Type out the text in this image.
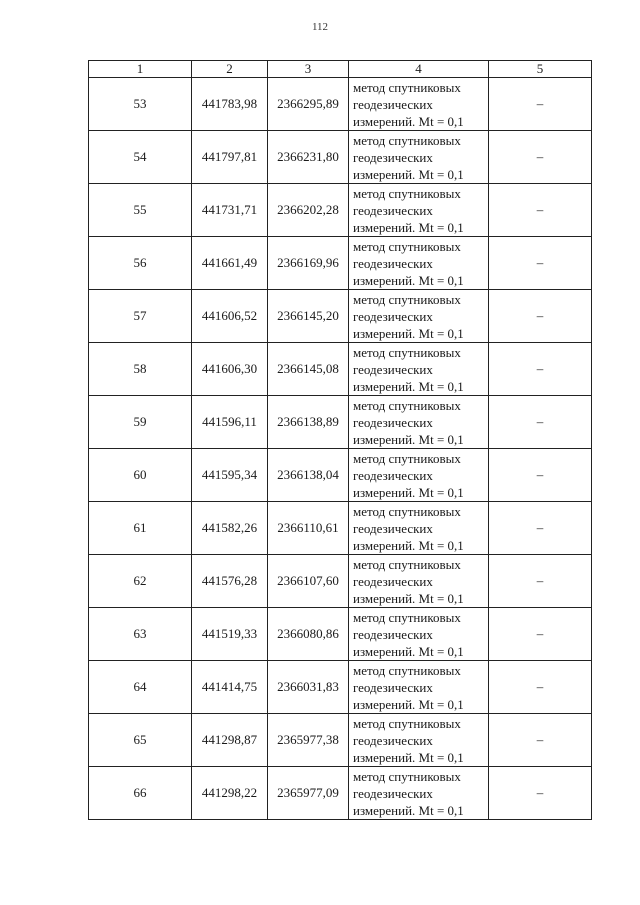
112
1	2	3	4	5
53	441783,98	2366295,89	метод спутниковых
геодезических
измерений. Mt = 0,1	–
54	441797,81	2366231,80	метод спутниковых
геодезических
измерений. Mt = 0,1	–
55	441731,71	2366202,28	метод спутниковых
геодезических
измерений. Mt = 0,1	–
56	441661,49	2366169,96	метод спутниковых
геодезических
измерений. Mt = 0,1	–
57	441606,52	2366145,20	метод спутниковых
геодезических
измерений. Mt = 0,1	–
58	441606,30	2366145,08	метод спутниковых
геодезических
измерений. Mt = 0,1	–
59	441596,11	2366138,89	метод спутниковых
геодезических
измерений. Mt = 0,1	–
60	441595,34	2366138,04	метод спутниковых
геодезических
измерений. Mt = 0,1	–
61	441582,26	2366110,61	метод спутниковых
геодезических
измерений. Mt = 0,1	–
62	441576,28	2366107,60	метод спутниковых
геодезических
измерений. Mt = 0,1	–
63	441519,33	2366080,86	метод спутниковых
геодезических
измерений. Mt = 0,1	–
64	441414,75	2366031,83	метод спутниковых
геодезических
измерений. Mt = 0,1	–
65	441298,87	2365977,38	метод спутниковых
геодезических
измерений. Mt = 0,1	–
66	441298,22	2365977,09	метод спутниковых
геодезических
измерений. Mt = 0,1	–
